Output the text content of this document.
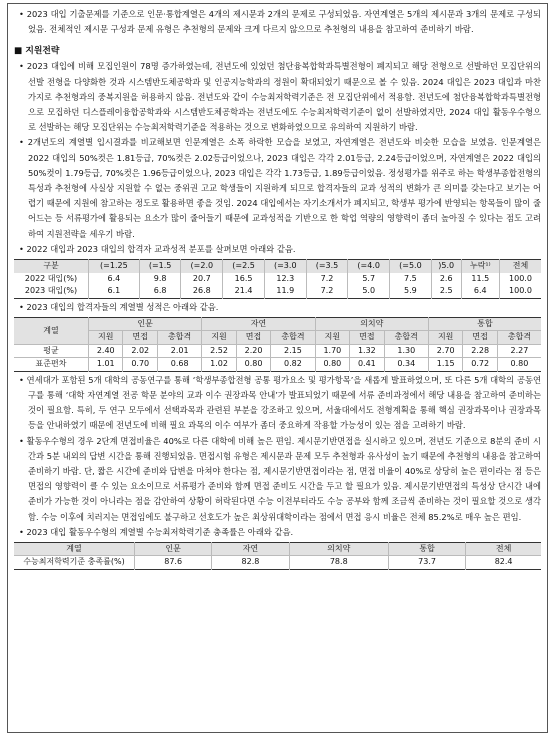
• 2023 대입 기출문제를 기준으로 인문·통합계열은 4개의 제시문과 2개의 문제로 구성되었음. 자연계열은 5개의 제시문과 3개의 문제로 구성되었음. 전체적인 제시문 구성과 문제 유형은 추천형의 문제와 크게 다르지 않으므로 추천형의 내용을 참고하여 준비하기 바람.

■ 지원전략

• 2023 대입에 비해 모집인원이 78명 증가하였는데, 전년도에 있었던 첨단융복합학과특별전형이 폐지되고 해당 전형으로 선발하던 모집단위의 선발 전형을 다양화한 것과 시스템반도체공학과 및 인공지능학과의 정원이 확대되었기 때문으로 볼 수 있음. 2024 대입은 2023 대입과 마찬가지로 추천형과의 중복지원을 허용하지 않음. 전년도와 같이 수능최저학력기준은 전 모집단위에서 적용함. 전년도에 첨단융복합학과특별전형으로 모집하던 디스플레이융합공학과와 시스템반도체공학과는 전년도에도 수능최저학력기준이 없이 선발하였지만, 2024 대입 활동우수형으로 선발하는 해당 모집단위는 수능최저학력기준을 적용하는 것으로 변화하였으므로 유의하여 지원하기 바람.

• 2개년도의 계열별 입시결과를 비교해보면 인문계열은 소폭 하락한 모습을 보였고, 자연계열은 전년도와 비슷한 모습을 보였음. 인문계열은 2022 대입의 50%컷은 1.81등급, 70%컷은 2.02등급이었으나, 2023 대입은 각각 2.01등급, 2.24등급이었으며, 자연계열은 2022 대입의 50%컷이 1.79등급, 70%컷은 1.96등급이었으나, 2023 대입은 각각 1.73등급, 1.89등급이었음. 정성평가를 위주로 하는 학생부종합전형의 특성과 추천형에 사실상 지원할 수 없는 중위권 고교 학생들이 지원하게 되므로 합격자들의 교과 성적의 변화가 큰 의미를 갖는다고 보기는 어렵기 때문에 지원에 참고하는 정도로 활용하면 좋을 것임. 2024 대입에서는 자기소개서가 폐지되고, 학생부 평가에 반영되는 항목들이 많이 줄어드는 등 서류평가에 활용되는 요소가 많이 줄어들기 때문에 교과성적을 기반으로 한 학업 역량의 영향력이 좀더 높아질 수 있다는 점도 고려하여 지원전략을 세우기 바람.

• 2022 대입과 2023 대입의 합격자 교과성적 분포를 살펴보면 아래와 같음.

구분	(=1.25	(=1.5	(=2.0	(=2.5	(=3.0	(=3.5	(=4.0	(=5.0	)5.0	누락¹⁾	전체
2022 대입(%)	6.4	9.8	20.7	16.5	12.3	7.2	5.7	7.5	2.6	11.5	100.0
2023 대입(%)	6.1	6.8	26.8	21.4	11.9	7.2	5.0	5.9	2.5	6.4	100.0

• 2023 대입의 합격자들의 계열별 성적은 아래와 같음.

계열	인문			자연			의치약			통합		
	지원	면접	총합격	지원	면접	총합격	지원	면접	총합격	지원	면접	총합격
평균	2.40	2.02	2.01	2.52	2.20	2.15	1.70	1.32	1.30	2.70	2.28	2.27
표준편차	1.01	0.70	0.68	1.02	0.80	0.82	0.80	0.41	0.34	1.15	0.72	0.80

• 연세대가 포함된 5개 대학의 공동연구를 통해 ‘학생부종합전형 공통 평가요소 및 평가항목’을 새롭게 발표하였으며, 또 다른 5개 대학의 공동연구를 통해 ‘대학 자연계열 전공 학문 분야의 교과 이수 권장과목 안내’가 발표되었기 때문에 서류 준비과정에서 해당 내용을 참고하여 준비하는 것이 필요함. 특히, 두 연구 모두에서 선택과목과 관련된 부분을 강조하고 있으며, 서울대에서도 전형계획을 통해 핵심 권장과목이나 권장과목 등을 안내하였기 때문에 전년도에 비해 필요 과목의 이수 여부가 좀더 중요하게 작용할 가능성이 있는 점을 고려하기 바람.

• 활동우수형의 경우 2단계 면접비율은 40%로 다른 대학에 비해 높은 편임. 제시문기반면접을 실시하고 있으며, 전년도 기준으로 8분의 준비 시간과 5분 내외의 답변 시간을 통해 진행되었음. 면접시험 유형은 제시문과 문제 모두 추천형과 유사성이 높기 때문에 추천형의 내용을 참고하여 준비하기 바람. 단, 짧은 시간에 준비와 답변을 마쳐야 한다는 점, 제시문기반면접이라는 점, 면접 비율이 40%로 상당히 높은 편이라는 점 등은 면접의 영향력이 클 수 있는 요소이므로 서류평가 준비와 함께 면접 준비도 시간을 두고 할 필요가 있음. 제시문기반면접의 특성상 단시간 내에 준비가 가능한 것이 아니라는 점을 감안하여 상황이 허락된다면 수능 이전부터라도 수능 공부와 함께 조금씩 준비하는 것이 필요할 것으로 생각함. 수능 이후에 치러지는 면접임에도 불구하고 선호도가 높은 최상위대학이라는 점에서 면접 응시 비율은 전체 85.2%로 매우 높은 편임.

• 2023 대입 활동우수형의 계열별 수능최저학력기준 충족률은 아래와 같음.

계열	인문	자연	의치약	통합	전체
수능최저학력기준 충족률(%)	87.6	82.8	78.8	73.7	82.4
